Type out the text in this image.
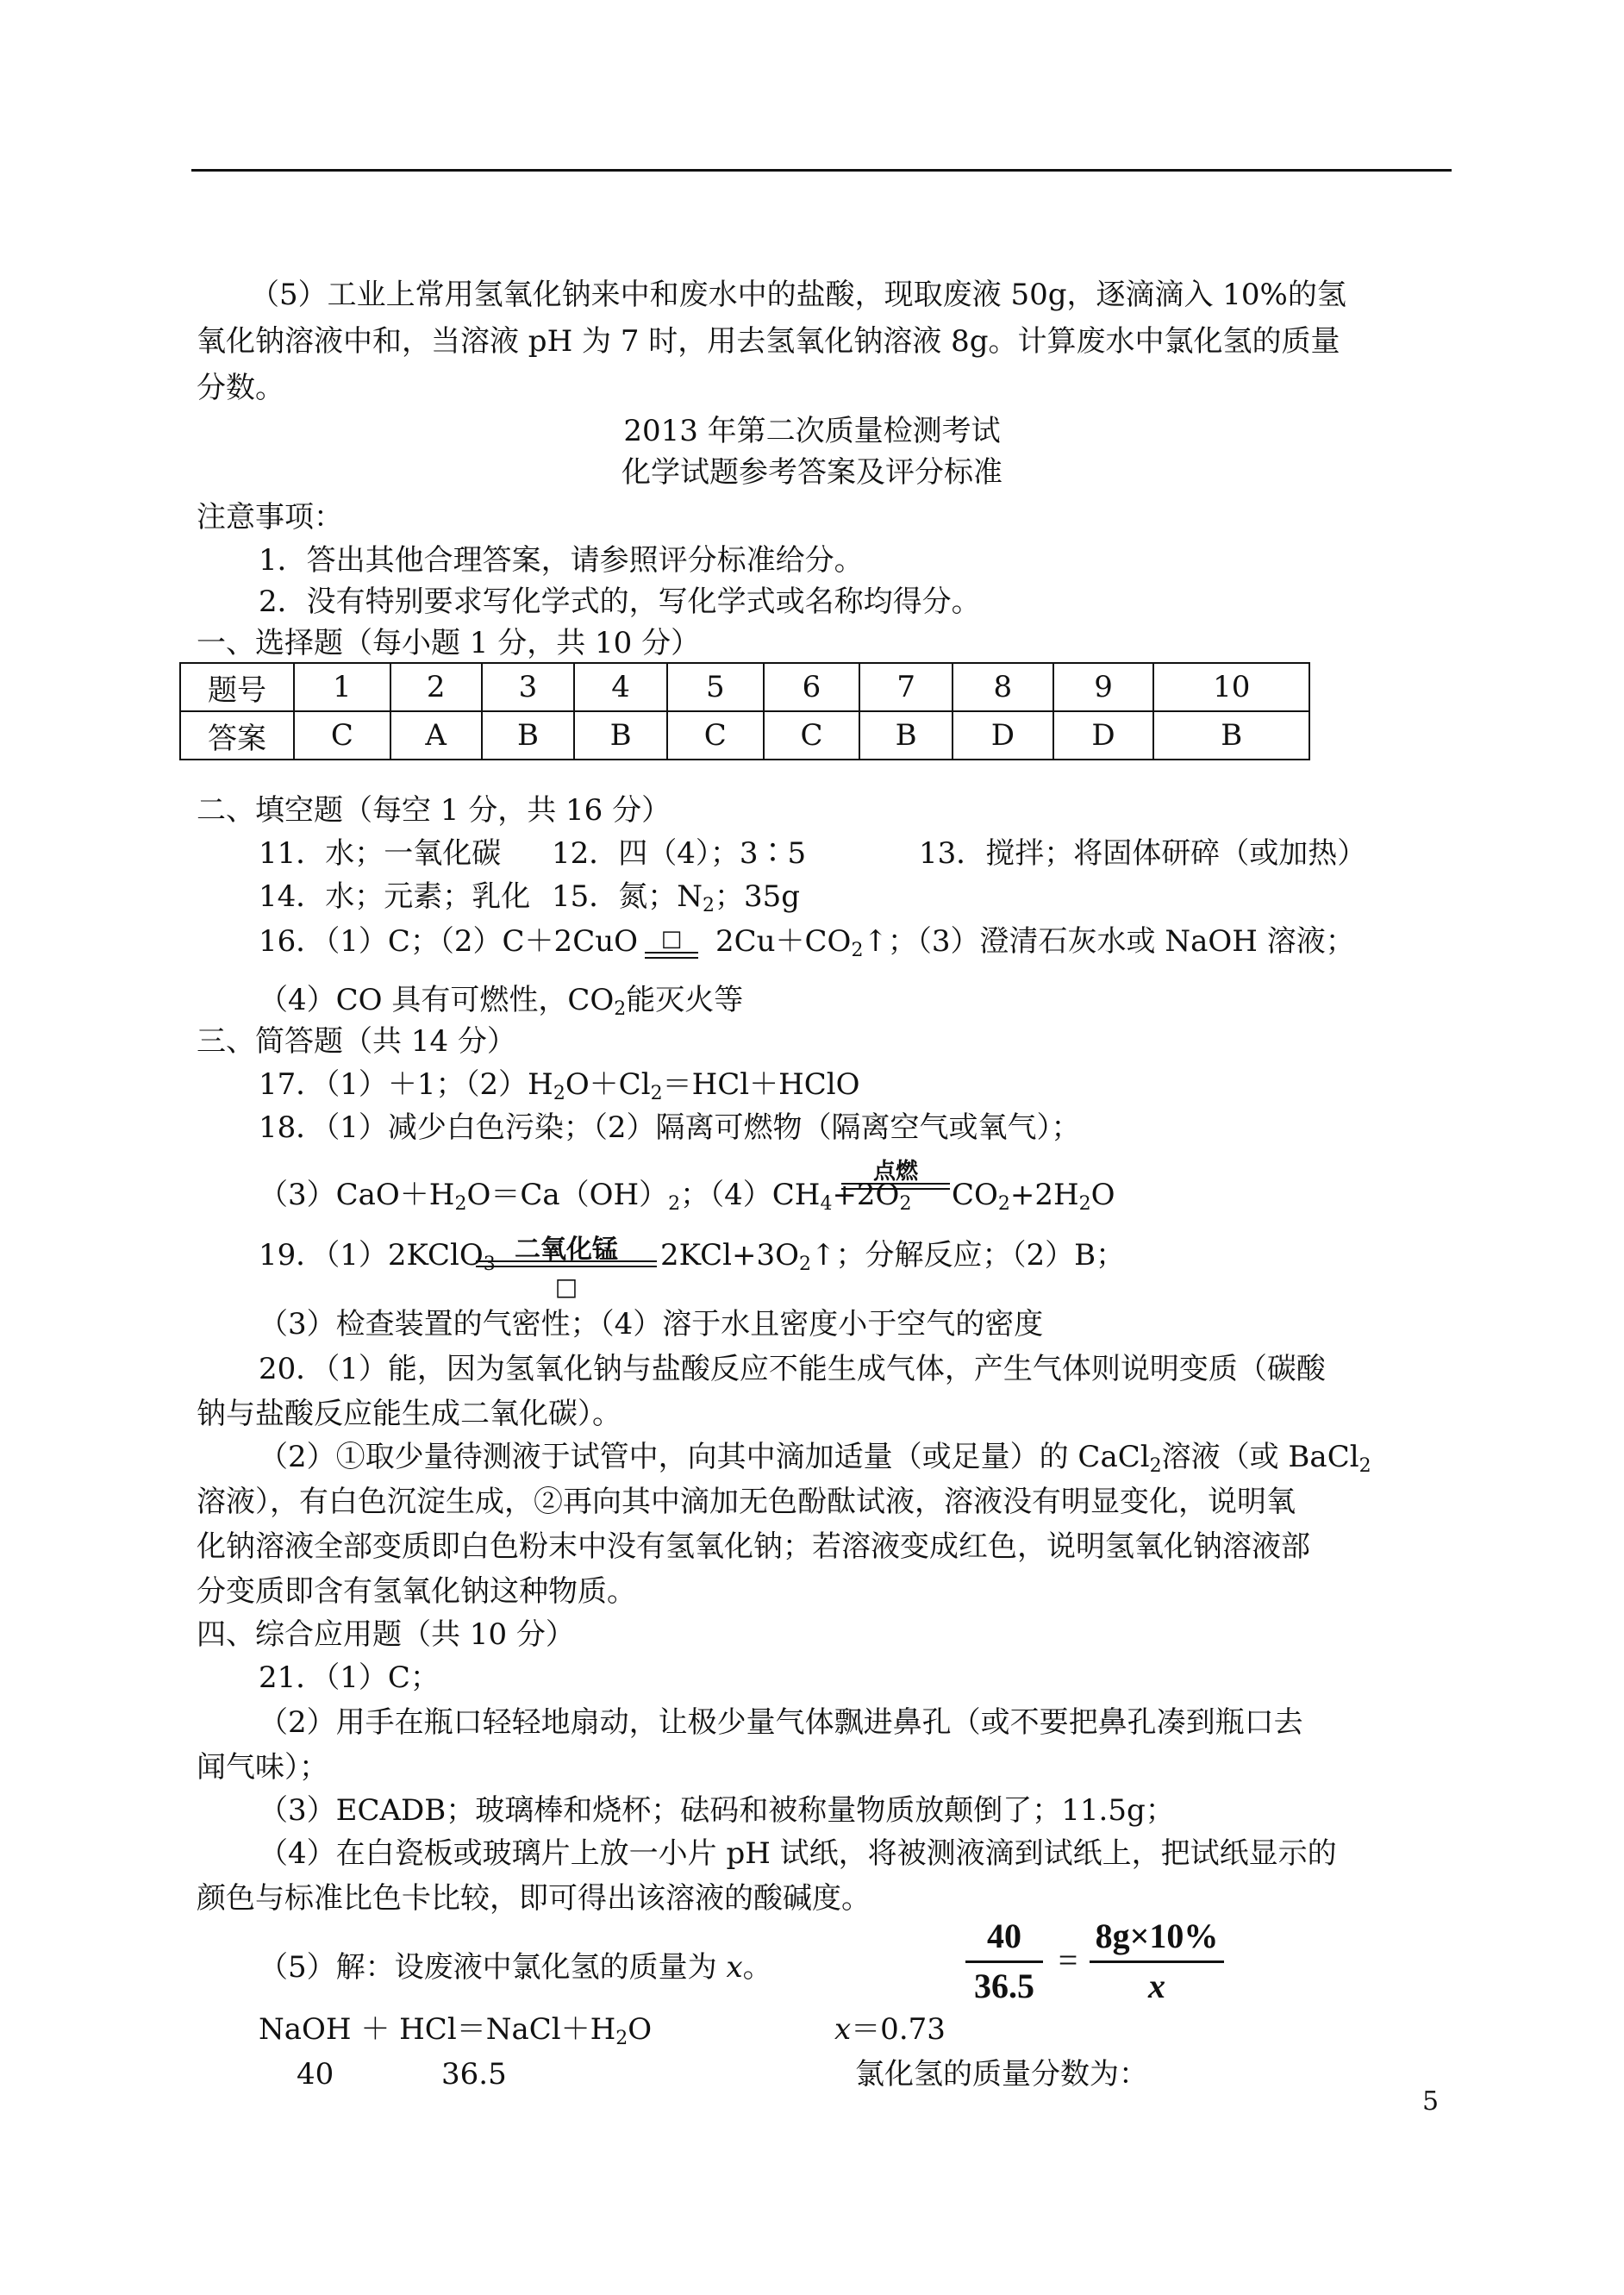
（5）工业上常用氢氧化钠来中和废水中的盐酸，现取废液 50g，逐滴滴入 10%的氢
氧化钠溶液中和，当溶液 pH 为 7 时，用去氢氧化钠溶液 8g。计算废水中氯化氢的质量
分数。
2013 年第二次质量检测考试
化学试题参考答案及评分标准
注意事项：
1．答出其他合理答案，请参照评分标准给分。
2．没有特别要求写化学式的，写化学式或名称均得分。
一、选择题（每小题 1 分，共 10 分）
题号	1	2	3	4	5	6	7	8	9	10
答案	C	A	B	B	C	C	B	D	D	B
二、填空题（每空 1 分，共 16 分）
11．水；一氧化碳 12．四（4）；3∶5	13．搅拌；将固体研碎（或加热）
14．水；元素；乳化 15．氮；$N_2$；35g
16．（1）C；（2）C＋2CuO	□	$2Cu+CO_2↑$；（3）澄清石灰水或 NaOH 溶液；
（4）CO 具有可燃性，$CO_2$能灭火等
三、简答题（共 14 分）
17．（1）＋1；$(2)H_2O+Cl_2=HCl+HClO$
18．（1）减少白色污染；（2）隔离可燃物（隔离空气或氧气）；
$(3)CaO+H_2O=Ca(OH)_2$；$(4)CH_4+2O_2$
点燃
$CO_2+2H_2O$
19．（1）2KClO$_3$ 二氧化锰
□
$2KCl+3O_2↑$；分解反应；（2）B；
（3）检查装置的气密性；（4）溶于水且密度小于空气的密度
20．（1）能，因为氢氧化钠与盐酸反应不能生成气体，产生气体则说明变质（碳酸
钠与盐酸反应能生成二氧化碳）。
（2）①取少量待测液于试管中，向其中滴加适量（或足量）的 CaCl$_2$溶液（或 BaCl$_2$
溶液），有白色沉淀生成，②再向其中滴加无色酚酞试液，溶液没有明显变化，说明氧
化钠溶液全部变质即白色粉末中没有氢氧化钠；若溶液变成红色，说明氢氧化钠溶液部
分变质即含有氢氧化钠这种物质。
四、综合应用题（共 10 分）
21．（1）C；
（2）用手在瓶口轻轻地扇动，让极少量气体飘进鼻孔（或不要把鼻孔凑到瓶口去
闻气味）；
（3）ECADB；玻璃棒和烧杯；砝码和被称量物质放颠倒了；11.5g；
（4）在白瓷板或玻璃片上放一小片 pH 试纸，将被测液滴到试纸上，把试纸显示的
颜色与标准比色卡比较，即可得出该溶液的酸碱度。
（5）解：设废液中氯化氢的质量为 x。
40
36.5
=
8g×10%
x
NaOH ＋ $HCl=NaCl+H_2O$	x＝0.73
40	36.5	氯化氢的质量分数为：
5
